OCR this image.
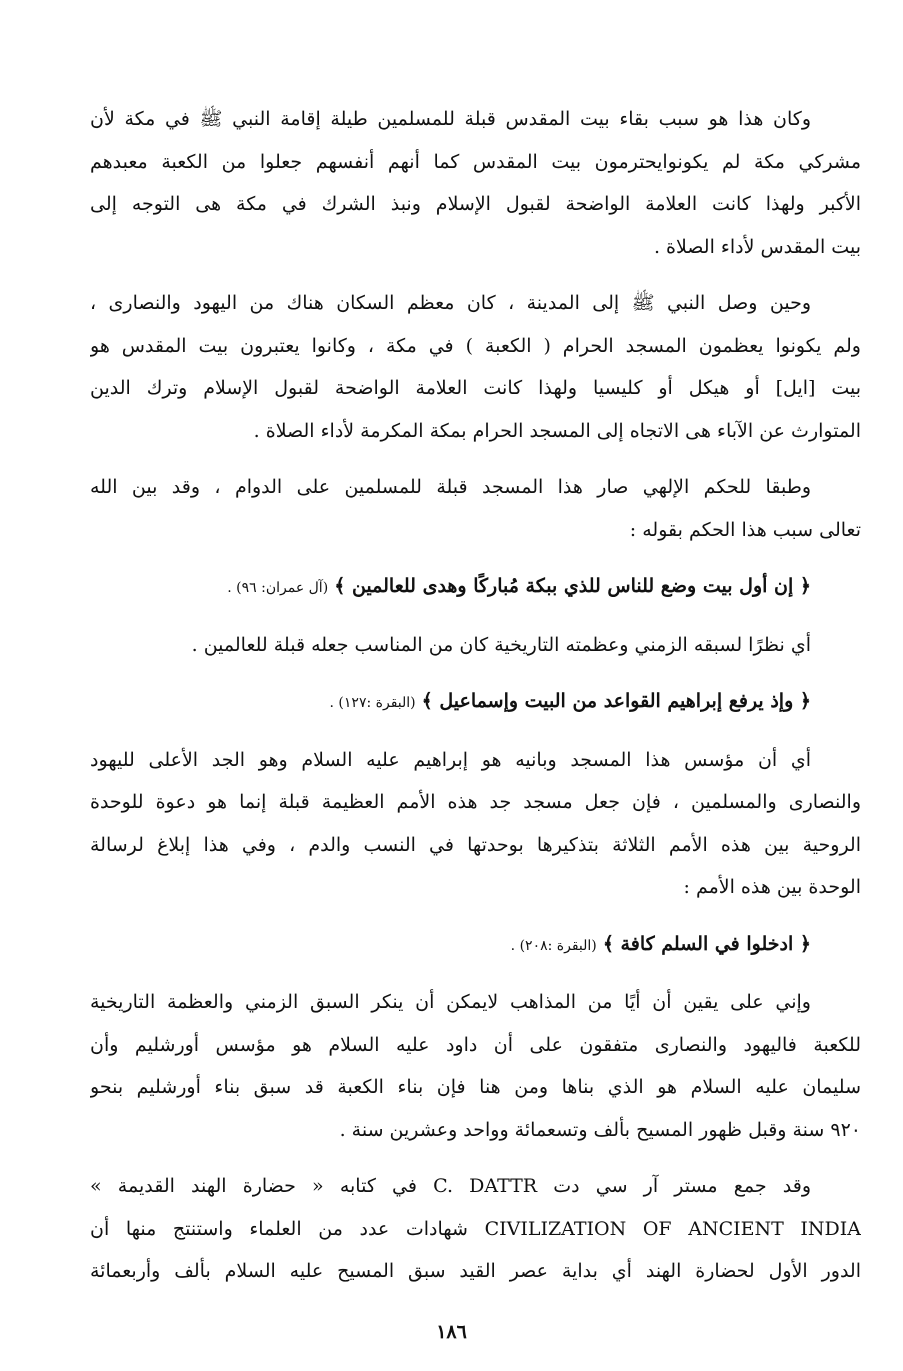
وكان هذا هو سبب بقاء بيت المقدس قبلة للمسلمين طيلة إقامة النبي ﷺ في مكة لأن
مشركي مكة لم يكونوايحترمون بيت المقدس كما أنهم أنفسهم جعلوا من الكعبة معبدهم
الأكبر ولهذا كانت العلامة الواضحة لقبول الإسلام ونبذ الشرك في مكة هى التوجه إلى
بيت المقدس لأداء الصلاة .

وحين وصل النبي ﷺ إلى المدينة ، كان معظم السكان هناك من اليهود والنصارى ،
ولم يكونوا يعظمون المسجد الحرام ( الكعبة ) في مكة ، وكانوا يعتبرون بيت المقدس هو
بيت [ايل] أو هيكل أو كليسيا ولهذا كانت العلامة الواضحة لقبول الإسلام وترك الدين
المتوارث عن الآباء هى الاتجاه إلى المسجد الحرام بمكة المكرمة لأداء الصلاة .

وطبقا للحكم الإلهي صار هذا المسجد قبلة للمسلمين على الدوام ، وقد بين الله
تعالى سبب هذا الحكم بقوله :

﴿ إن أول بيت وضع للناس للذي ببكة مُباركًا وهدى للعالمين ﴾ (آل عمران: ٩٦) .

أي نظرًا لسبقه الزمني وعظمته التاريخية كان من المناسب جعله قبلة للعالمين .

﴿ وإذ يرفع إبراهيم القواعد من البيت وإسماعيل ﴾ (البقرة :١٢٧) .

أي أن مؤسس هذا المسجد وبانيه هو إبراهيم عليه السلام وهو الجد الأعلى لليهود
والنصارى والمسلمين ، فإن جعل مسجد جد هذه الأمم العظيمة قبلة إنما هو دعوة للوحدة
الروحية بين هذه الأمم الثلاثة بتذكيرها بوحدتها في النسب والدم ، وفي هذا إبلاغ لرسالة
الوحدة بين هذه الأمم :

﴿ ادخلوا في السلم كافة ﴾ (البقرة :٢٠٨) .

وإني على يقين أن أيًا من المذاهب لايمكن أن ينكر السبق الزمني والعظمة التاريخية
للكعبة فاليهود والنصارى متفقون على أن داود عليه السلام هو مؤسس أورشليم وأن
سليمان عليه السلام هو الذي بناها ومن هنا فإن بناء الكعبة قد سبق بناء أورشليم بنحو
٩٢٠ سنة وقبل ظهور المسيح بألف وتسعمائة وواحد وعشرين سنة .

وقد جمع مستر آر سي دت C. DATTR في كتابه « حضارة الهند القديمة »
CIVILIZATION OF ANCIENT INDIA شهادات عدد من العلماء واستنتج منها أن
الدور الأول لحضارة الهند أي بداية عصر القيد سبق المسيح عليه السلام بألف وأربعمائة

١٨٦
